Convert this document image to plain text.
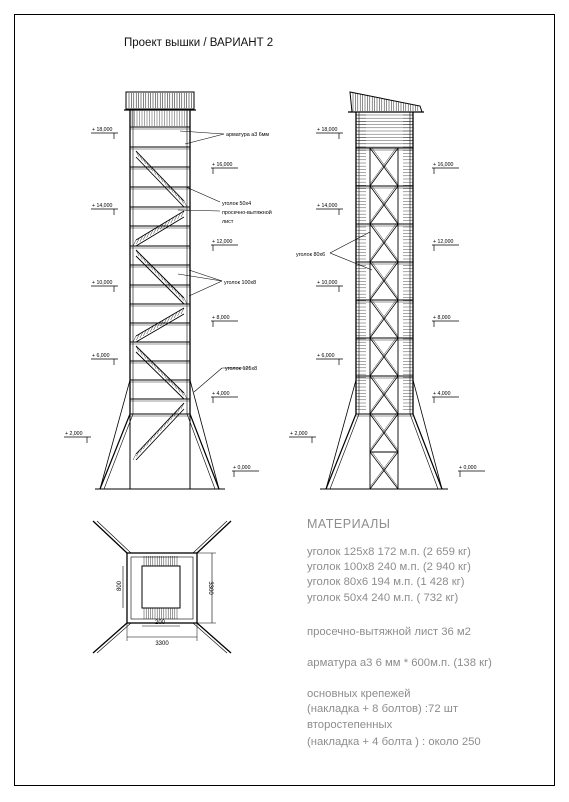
Проект вышки / ВАРИАНТ 2
+ 18,000
+ 16,000
+ 14,000
+ 12,000
+ 10,000
+ 8,000
+ 6,000
+ 4,000
+ 2,000
+ 0,000
арматура а3 6мм
уголок 50х4
просечно-вытяжной
лист
уголок 100х8
уголок 125х8
+ 18,000
+ 16,000
+ 14,000
+ 12,000
+ 10,000
+ 8,000
+ 6,000
+ 4,000
+ 2,000
+ 0,000
уголок 80х6
3300
200
3300
800
МАТЕРИАЛЫ
уголок 125х8 172 м.п. (2 659 кг)
уголок 100х8 240 м.п. (2 940 кг)
уголок 80х6 194 м.п. (1 428 кг)
уголок 50х4 240 м.п. ( 732 кг)
просечно-вытяжной лист 36 м2
арматура а3 6 мм * 600м.п. (138 кг)
основных крепежей
(накладка + 8 болтов) :72 шт
второстепенных
(накладка + 4 болта ) : около 250
